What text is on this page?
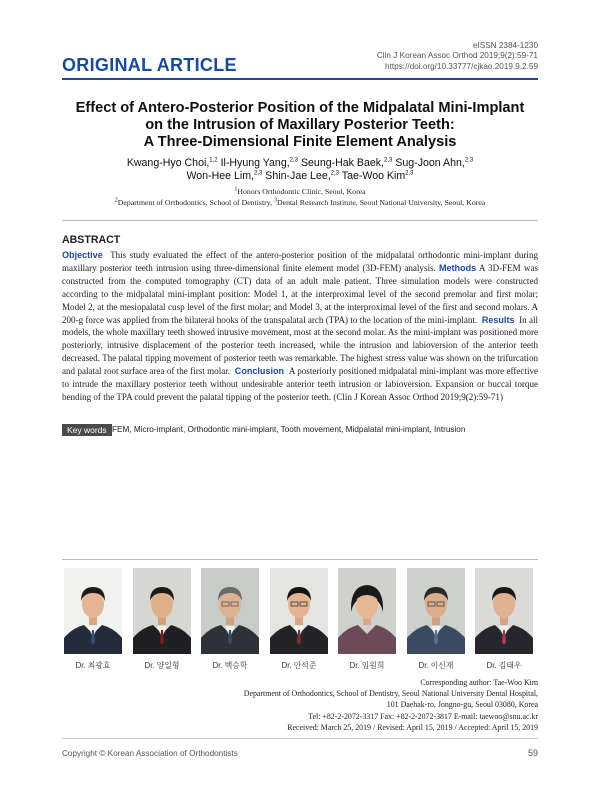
eISSN 2384-1230
Clin J Korean Assoc Orthod 2019;9(2):59-71
https://doi.org/10.33777/cjkao.2019.9.2.59
ORIGINAL ARTICLE
Effect of Antero-Posterior Position of the Midpalatal Mini-Implant
on the Intrusion of Maxillary Posterior Teeth:
A Three-Dimensional Finite Element Analysis
Kwang-Hyo Choi,$^{1,2}$ Il-Hyung Yang,$^{2,3}$ Seung-Hak Baek,$^{2,3}$ Sug-Joon Ahn,$^{2,3}$
Won-Hee Lim,$^{2,3}$ Shin-Jae Lee,$^{2,3}$ Tae-Woo Kim$^{2,3}$
$^1$Honors Orthodontic Clinic, Seoul, Korea
$^2$Department of Orthodontics, School of Dentistry, $^3$Dental Research Institute, Seoul National University, Seoul, Korea
ABSTRACT
Objective This study evaluated the effect of the antero-posterior position of the midpalatal orthodontic mini-implant during maxillary posterior teeth intrusion using three-dimensional finite element model (3D-FEM) analysis. Methods A 3D-FEM was constructed from the computed tomography (CT) data of an adult male patient. Three simulation models were constructed according to the midpalatal mini-implant position: Model 1, at the interproximal level of the second premolar and first molar; Model 2, at the mesiopalatal cusp level of the first molar; and Model 3, at the interproximal level of the first and second molars. A 200-g force was applied from the bilateral hooks of the transpalatal arch (TPA) to the location of the mini-implant. Results In all models, the whole maxillary teeth showed intrusive movement, most at the second molar. As the mini-implant was positioned more posteriorly, intrusive displacement of the posterior teeth increased, while the intrusion and labioversion of the anterior teeth decreased. The palatal tipping movement of posterior teeth was remarkable. The highest stress value was shown on the trifurcation and palatal root surface area of the first molar. Conclusion A posteriorly positioned midpalatal mini-implant was more effective to intrude the maxillary posterior teeth without undesirable anterior teeth intrusion or labioversion. Expansion or buccal torque bending of the TPA could prevent the palatal tipping of the posterior teeth. (Clin J Korean Assoc Orthod 2019;9(2):59-71)
Key words FEM, Micro-implant, Orthodontic mini-implant, Tooth movement, Midpalatal mini-implant, Intrusion
Dr. 최광효	Dr. 양일형	Dr. 백승학	Dr. 안석준	Dr. 임원희	Dr. 이신재	Dr. 김태우
Corresponding author: Tae-Woo Kim
Department of Orthodontics, School of Dentistry, Seoul National University Dental Hospital,
101 Daehak-ro, Jongno-gu, Seoul 03080, Korea
Tel: +82-2-2072-3317 Fax: +82-2-2072-3817 E-mail: taewoo@snu.ac.kr
Received: March 25, 2019 / Revised: April 15, 2019 / Accepted: April 15, 2019
Copyright © Korean Association of Orthodontists	59
